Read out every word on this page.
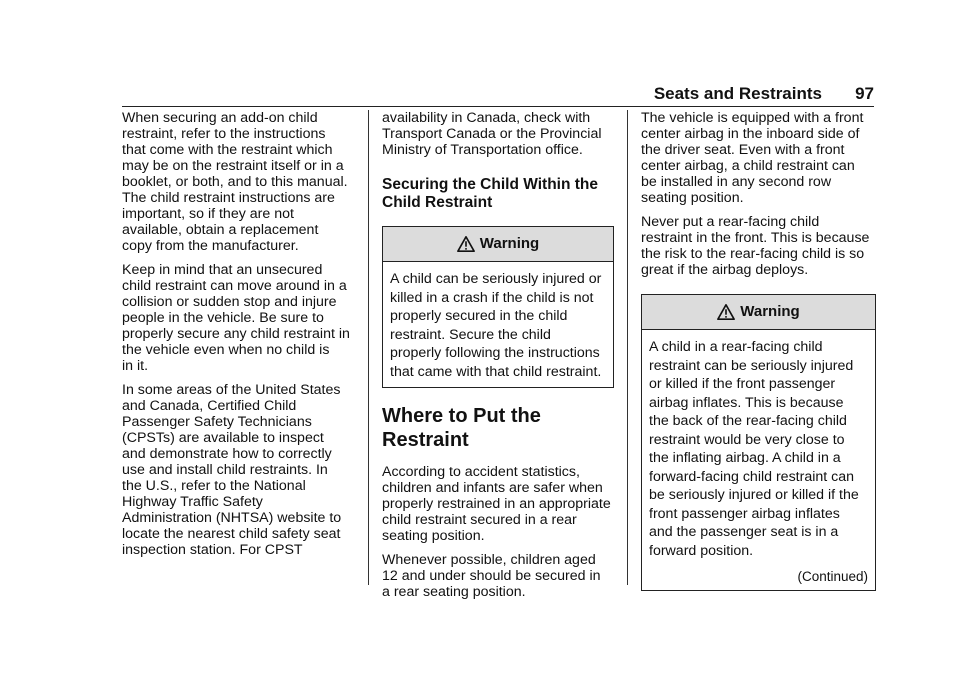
Seats and Restraints 97

When securing an add-on child
restraint, refer to the instructions
that come with the restraint which
may be on the restraint itself or in a
booklet, or both, and to this manual.
The child restraint instructions are
important, so if they are not
available, obtain a replacement
copy from the manufacturer.

Keep in mind that an unsecured
child restraint can move around in a
collision or sudden stop and injure
people in the vehicle. Be sure to
properly secure any child restraint in
the vehicle even when no child is
in it.

In some areas of the United States
and Canada, Certified Child
Passenger Safety Technicians
(CPSTs) are available to inspect
and demonstrate how to correctly
use and install child restraints. In
the U.S., refer to the National
Highway Traffic Safety
Administration (NHTSA) website to
locate the nearest child safety seat
inspection station. For CPST

availability in Canada, check with
Transport Canada or the Provincial
Ministry of Transportation office.

Securing the Child Within the
Child Restraint
Warning
A child can be seriously injured or
killed in a crash if the child is not
properly secured in the child
restraint. Secure the child
properly following the instructions
that came with that child restraint.
Where to Put the
Restraint

According to accident statistics,
children and infants are safer when
properly restrained in an appropriate
child restraint secured in a rear
seating position.

Whenever possible, children aged
12 and under should be secured in
a rear seating position.

The vehicle is equipped with a front
center airbag in the inboard side of
the driver seat. Even with a front
center airbag, a child restraint can
be installed in any second row
seating position.

Never put a rear-facing child
restraint in the front. This is because
the risk to the rear-facing child is so
great if the airbag deploys.

Warning
A child in a rear-facing child
restraint can be seriously injured
or killed if the front passenger
airbag inflates. This is because
the back of the rear-facing child
restraint would be very close to
the inflating airbag. A child in a
forward-facing child restraint can
be seriously injured or killed if the
front passenger airbag inflates
and the passenger seat is in a
forward position.
(Continued)
